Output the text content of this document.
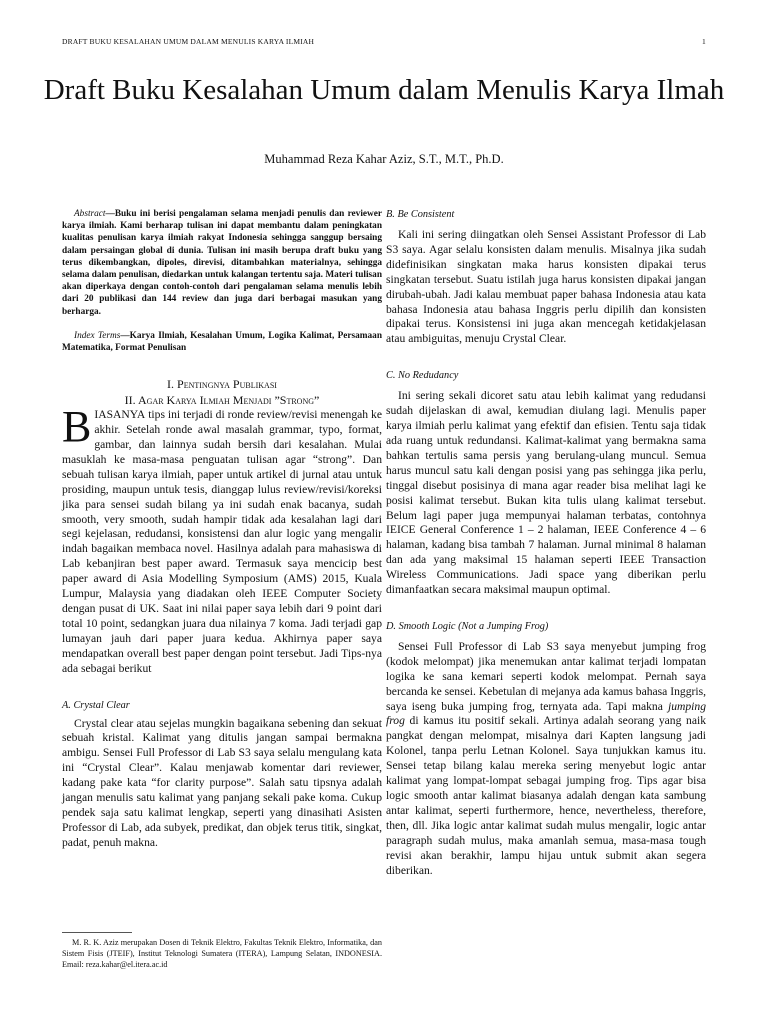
DRAFT BUKU KESALAHAN UMUM DALAM MENULIS KARYA ILMIAH	1
Draft Buku Kesalahan Umum dalam Menulis Karya Ilmah
Muhammad Reza Kahar Aziz, S.T., M.T., Ph.D.

Abstract—Buku ini berisi pengalaman selama menjadi penulis dan reviewer karya ilmiah. Kami berharap tulisan ini dapat membantu dalam peningkatan kualitas penulisan karya ilmiah rakyat Indonesia sehingga sanggup bersaing dalam persaingan global di dunia. Tulisan ini masih berupa draft buku yang terus dikembangkan, dipoles, direvisi, ditambahkan materialnya, sehingga selama dalam penulisan, diedarkan untuk kalangan tertentu saja. Materi tulisan akan diperkaya dengan contoh-contoh dari pengalaman selama menulis lebih dari 20 publikasi dan 144 review dan juga dari berbagai masukan yang berharga.

Index Terms—Karya Ilmiah, Kesalahan Umum, Logika Kalimat, Persamaan Matematika, Format Penulisan

I. Pentingnya Publikasi
II. Agar Karya Ilmiah Menjadi ”Strong”

BIASANYA tips ini terjadi di ronde review/revisi menengah ke akhir. Setelah ronde awal masalah grammar, typo, format, gambar, dan lainnya sudah bersih dari kesalahan. Mulai masuklah ke masa-masa penguatan tulisan agar “strong”. Dan sebuah tulisan karya ilmiah, paper untuk artikel di jurnal atau untuk prosiding, maupun untuk tesis, dianggap lulus review/revisi/koreksi jika para sensei sudah bilang ya ini sudah enak bacanya, sudah smooth, very smooth, sudah hampir tidak ada kesalahan lagi dari segi kejelasan, redudansi, konsistensi dan alur logic yang mengalir indah bagaikan membaca novel. Hasilnya adalah para mahasiswa di Lab kebanjiran best paper award. Termasuk saya mencicip best paper award di Asia Modelling Symposium (AMS) 2015, Kuala Lumpur, Malaysia yang diadakan oleh IEEE Computer Society dengan pusat di UK. Saat ini nilai paper saya lebih dari 9 point dari total 10 point, sedangkan juara dua nilainya 7 koma. Jadi terjadi gap lumayan jauh dari paper juara kedua. Akhirnya paper saya mendapatkan overall best paper dengan point tersebut. Jadi Tips-nya ada sebagai berikut

A. Crystal Clear

Crystal clear atau sejelas mungkin bagaikana sebening dan sekuat sebuah kristal. Kalimat yang ditulis jangan sampai bermakna ambigu. Sensei Full Professor di Lab S3 saya selalu mengulang kata ini “Crystal Clear”. Kalau menjawab komentar dari reviewer, kadang pake kata “for clarity purpose”. Salah satu tipsnya adalah jangan menulis satu kalimat yang panjang sekali pake koma. Cukup pendek saja satu kalimat lengkap, seperti yang dinasihati Asisten Professor di Lab, ada subyek, predikat, dan objek terus titik, singkat, padat, penuh makna.

M. R. K. Aziz merupakan Dosen di Teknik Elektro, Fakultas Teknik Elektro, Informatika, dan Sistem Fisis (JTEIF), Institut Teknologi Sumatera (ITERA), Lampung Selatan, INDONESIA. Email: reza.kahar@el.itera.ac.id

B. Be Consistent

Kali ini sering diingatkan oleh Sensei Assistant Professor di Lab S3 saya. Agar selalu konsisten dalam menulis. Misalnya jika sudah didefinisikan singkatan maka harus konsisten dipakai terus singkatan tersebut. Suatu istilah juga harus konsisten dipakai jangan dirubah-ubah. Jadi kalau membuat paper bahasa Indonesia atau kata bahasa Indonesia atau bahasa Inggris perlu dipilih dan konsisten dipakai terus. Konsistensi ini juga akan mencegah ketidakjelasan atau ambiguitas, menuju Crystal Clear.

C. No Redudancy

Ini sering sekali dicoret satu atau lebih kalimat yang redudansi sudah dijelaskan di awal, kemudian diulang lagi. Menulis paper karya ilmiah perlu kalimat yang efektif dan efisien. Tentu saja tidak ada ruang untuk redundansi. Kalimat-kalimat yang bermakna sama bahkan tertulis sama persis yang berulang-ulang muncul. Semua harus muncul satu kali dengan posisi yang pas sehingga jika perlu, tinggal disebut posisinya di mana agar reader bisa melihat lagi ke posisi kalimat tersebut. Bukan kita tulis ulang kalimat tersebut. Belum lagi paper juga mempunyai halaman terbatas, contohnya IEICE General Conference 1 – 2 halaman, IEEE Conference 4 – 6 halaman, kadang bisa tambah 7 halaman. Jurnal minimal 8 halaman dan ada yang maksimal 15 halaman seperti IEEE Transaction Wireless Communications. Jadi space yang diberikan perlu dimanfaatkan secara maksimal maupun optimal.

D. Smooth Logic (Not a Jumping Frog)

Sensei Full Professor di Lab S3 saya menyebut jumping frog (kodok melompat) jika menemukan antar kalimat terjadi lompatan logika ke sana kemari seperti kodok melompat. Pernah saya bercanda ke sensei. Kebetulan di mejanya ada kamus bahasa Inggris, saya iseng buka jumping frog, ternyata ada. Tapi makna jumping frog di kamus itu positif sekali. Artinya adalah seorang yang naik pangkat dengan melompat, misalnya dari Kapten langsung jadi Kolonel, tanpa perlu Letnan Kolonel. Saya tunjukkan kamus itu. Sensei tetap bilang kalau mereka sering menyebut logic antar kalimat yang lompat-lompat sebagai jumping frog. Tips agar bisa logic smooth antar kalimat biasanya adalah dengan kata sambung antar kalimat, seperti furthermore, hence, nevertheless, therefore, then, dll. Jika logic antar kalimat sudah mulus mengalir, logic antar paragraph sudah mulus, maka amanlah semua, masa-masa tough revisi akan berakhir, lampu hijau untuk submit akan segera diberikan.
